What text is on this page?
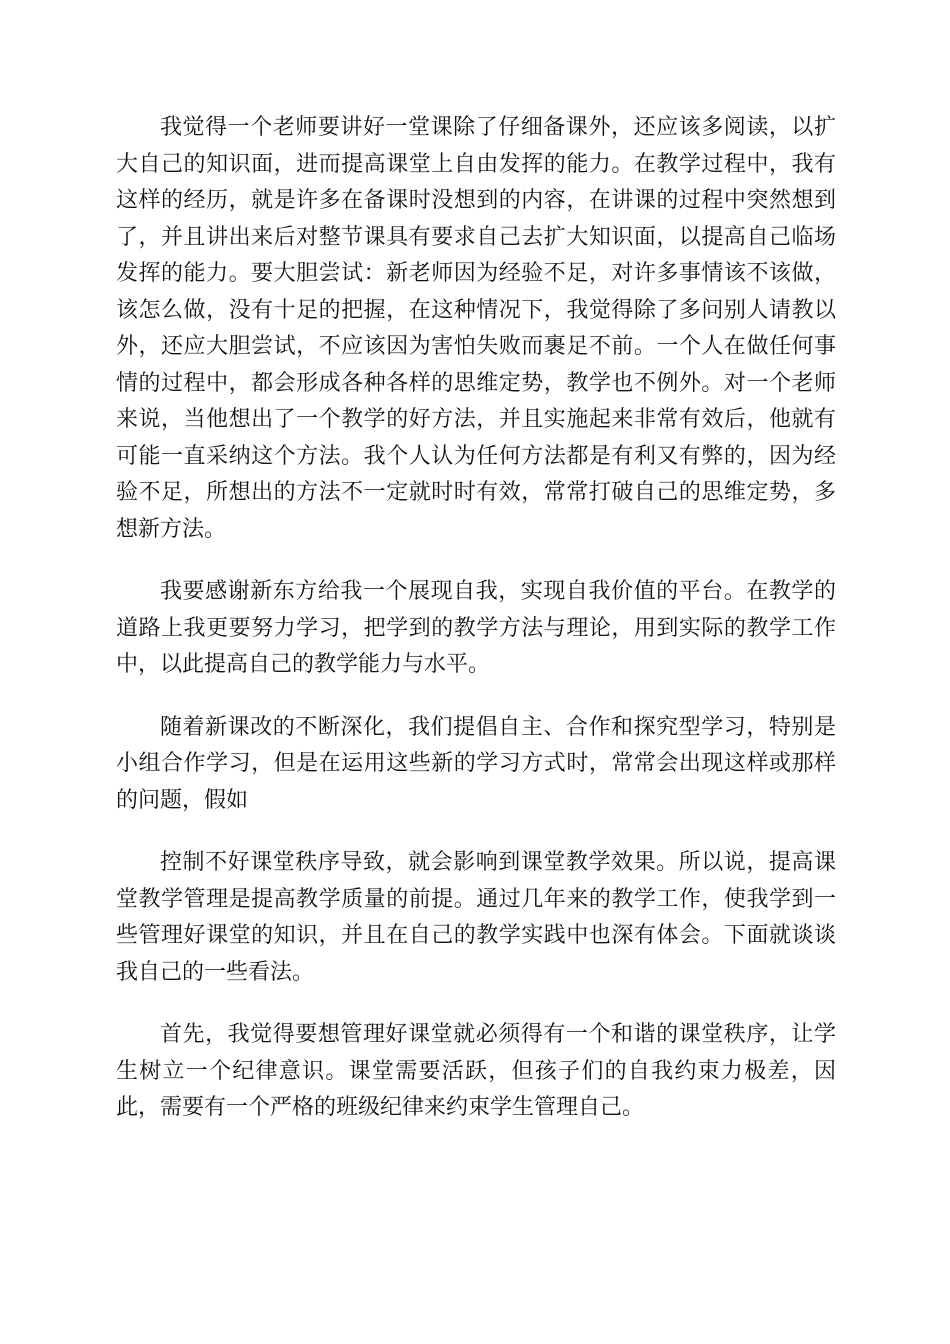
我觉得一个老师要讲好一堂课除了仔细备课外，还应该多阅读，以扩大自己的知识面，进而提高课堂上自由发挥的能力。在教学过程中，我有这样的经历，就是许多在备课时没想到的内容，在讲课的过程中突然想到了，并且讲出来后对整节课具有要求自己去扩大知识面，以提高自己临场发挥的能力。要大胆尝试：新老师因为经验不足，对许多事情该不该做，该怎么做，没有十足的把握，在这种情况下，我觉得除了多问别人请教以外，还应大胆尝试，不应该因为害怕失败而裹足不前。一个人在做任何事情的过程中，都会形成各种各样的思维定势，教学也不例外。对一个老师来说，当他想出了一个教学的好方法，并且实施起来非常有效后，他就有可能一直采纳这个方法。我个人认为任何方法都是有利又有弊的，因为经验不足，所想出的方法不一定就时时有效，常常打破自己的思维定势，多想新方法。

我要感谢新东方给我一个展现自我，实现自我价值的平台。在教学的道路上我更要努力学习，把学到的教学方法与理论，用到实际的教学工作中，以此提高自己的教学能力与水平。

随着新课改的不断深化，我们提倡自主、合作和探究型学习，特别是小组合作学习，但是在运用这些新的学习方式时，常常会出现这样或那样的问题，假如

控制不好课堂秩序导致，就会影响到课堂教学效果。所以说，提高课堂教学管理是提高教学质量的前提。通过几年来的教学工作，使我学到一些管理好课堂的知识，并且在自己的教学实践中也深有体会。下面就谈谈我自己的一些看法。

首先，我觉得要想管理好课堂就必须得有一个和谐的课堂秩序，让学生树立一个纪律意识。课堂需要活跃，但孩子们的自我约束力极差，因此，需要有一个严格的班级纪律来约束学生管理自己。
